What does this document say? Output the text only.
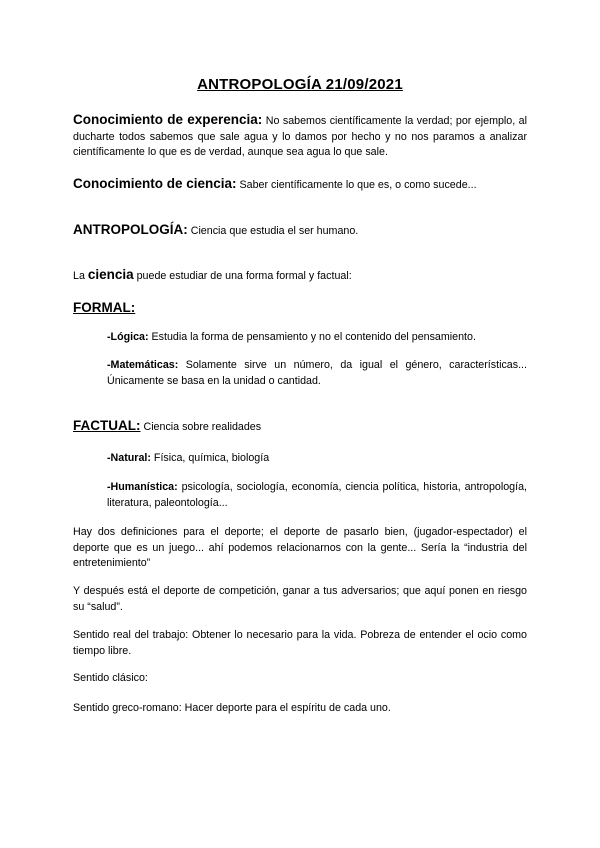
ANTROPOLOGÍA 21/09/2021

Conocimiento de experencia: No sabemos científicamente la verdad; por ejemplo, al ducharte todos sabemos que sale agua y lo damos por hecho y no nos paramos a analizar científicamente lo que es de verdad, aunque sea agua lo que sale.

Conocimiento de ciencia: Saber científicamente lo que es, o como sucede...

ANTROPOLOGÍA: Ciencia que estudia el ser humano.

La ciencia puede estudiar de una forma formal y factual:

FORMAL:

-Lógica: Estudia la forma de pensamiento y no el contenido del pensamiento.

-Matemáticas: Solamente sirve un número, da igual el género, características... Únicamente se basa en la unidad o cantidad.

FACTUAL: Ciencia sobre realidades

-Natural: Física, química, biología

-Humanística: psicología, sociología, economía, ciencia política, historia, antropología, literatura, paleontología...

Hay dos definiciones para el deporte; el deporte de pasarlo bien, (jugador-espectador) el deporte que es un juego... ahí podemos relacionarnos con la gente... Sería la “industria del entretenimiento”

Y después está el deporte de competición, ganar a tus adversarios; que aquí ponen en riesgo su “salud”.

Sentido real del trabajo: Obtener lo necesario para la vida. Pobreza de entender el ocio como tiempo libre.

Sentido clásico:

Sentido greco-romano: Hacer deporte para el espíritu de cada uno.
